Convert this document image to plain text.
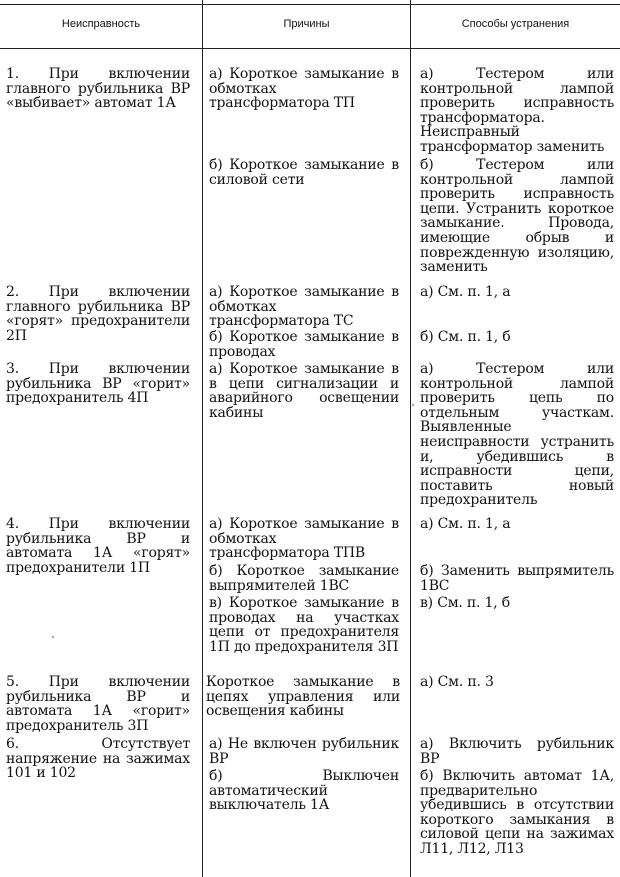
Неисправность	Причины	Способы устранения
1. При включении главного рубильника ВР «выбивает» автомат 1А
а) Короткое замыкание в обмотках трансформатора ТП
б) Короткое замыкание в силовой сети
а) Тестером или контрольной лампой проверить исправность трансформатора. Неисправный трансформатор заменить
б) Тестером или контрольной лампой проверить исправность цепи. Устранить короткое замыкание. Провода, имеющие обрыв и поврежденную изоляцию, заменить
2. При включении главного рубильника ВР «горят» предохранители 2П
а) Короткое замыкание в обмотках трансформатора ТС
б) Короткое замыкание в проводах
а) См. п. 1, а
б) См. п. 1, б
3. При включении рубильника ВР «горит» предохранитель 4П
а) Короткое замыкание в в цепи сигнализации и аварийного освещении кабины
а) Тестером или контрольной лампой проверить цепь по отдельным участкам. Выявленные неисправности устранить и, убедившись в исправности цепи, поставить новый предохранитель
4. При включении рубильника ВР и автомата 1А «горят» предохранители 1П
а) Короткое замыкание в обмотках трансформатора ТПВ
б) Короткое замыкание выпрямителей 1ВС
в) Короткое замыкание в проводах на участках цепи от предохранителя 1П до предохранителя 3П
а) См. п. 1, а
б) Заменить выпрямитель 1ВС
в) См. п. 1, б
5. При включении рубильника ВР и автомата 1А «горит» предохранитель 3П
Короткое замыкание в цепях управления или освещения кабины
а) См. п. 3
6. Отсутствует напряжение на зажимах 101 и 102
а) Не включен рубильник ВР
б) Выключен автоматический выключатель 1А
а) Включить рубильник ВР
б) Включить автомат 1А, предварительно убедившись в отсутствии короткого замыкания в силовой цепи на зажимах Л11, Л12, Л13
